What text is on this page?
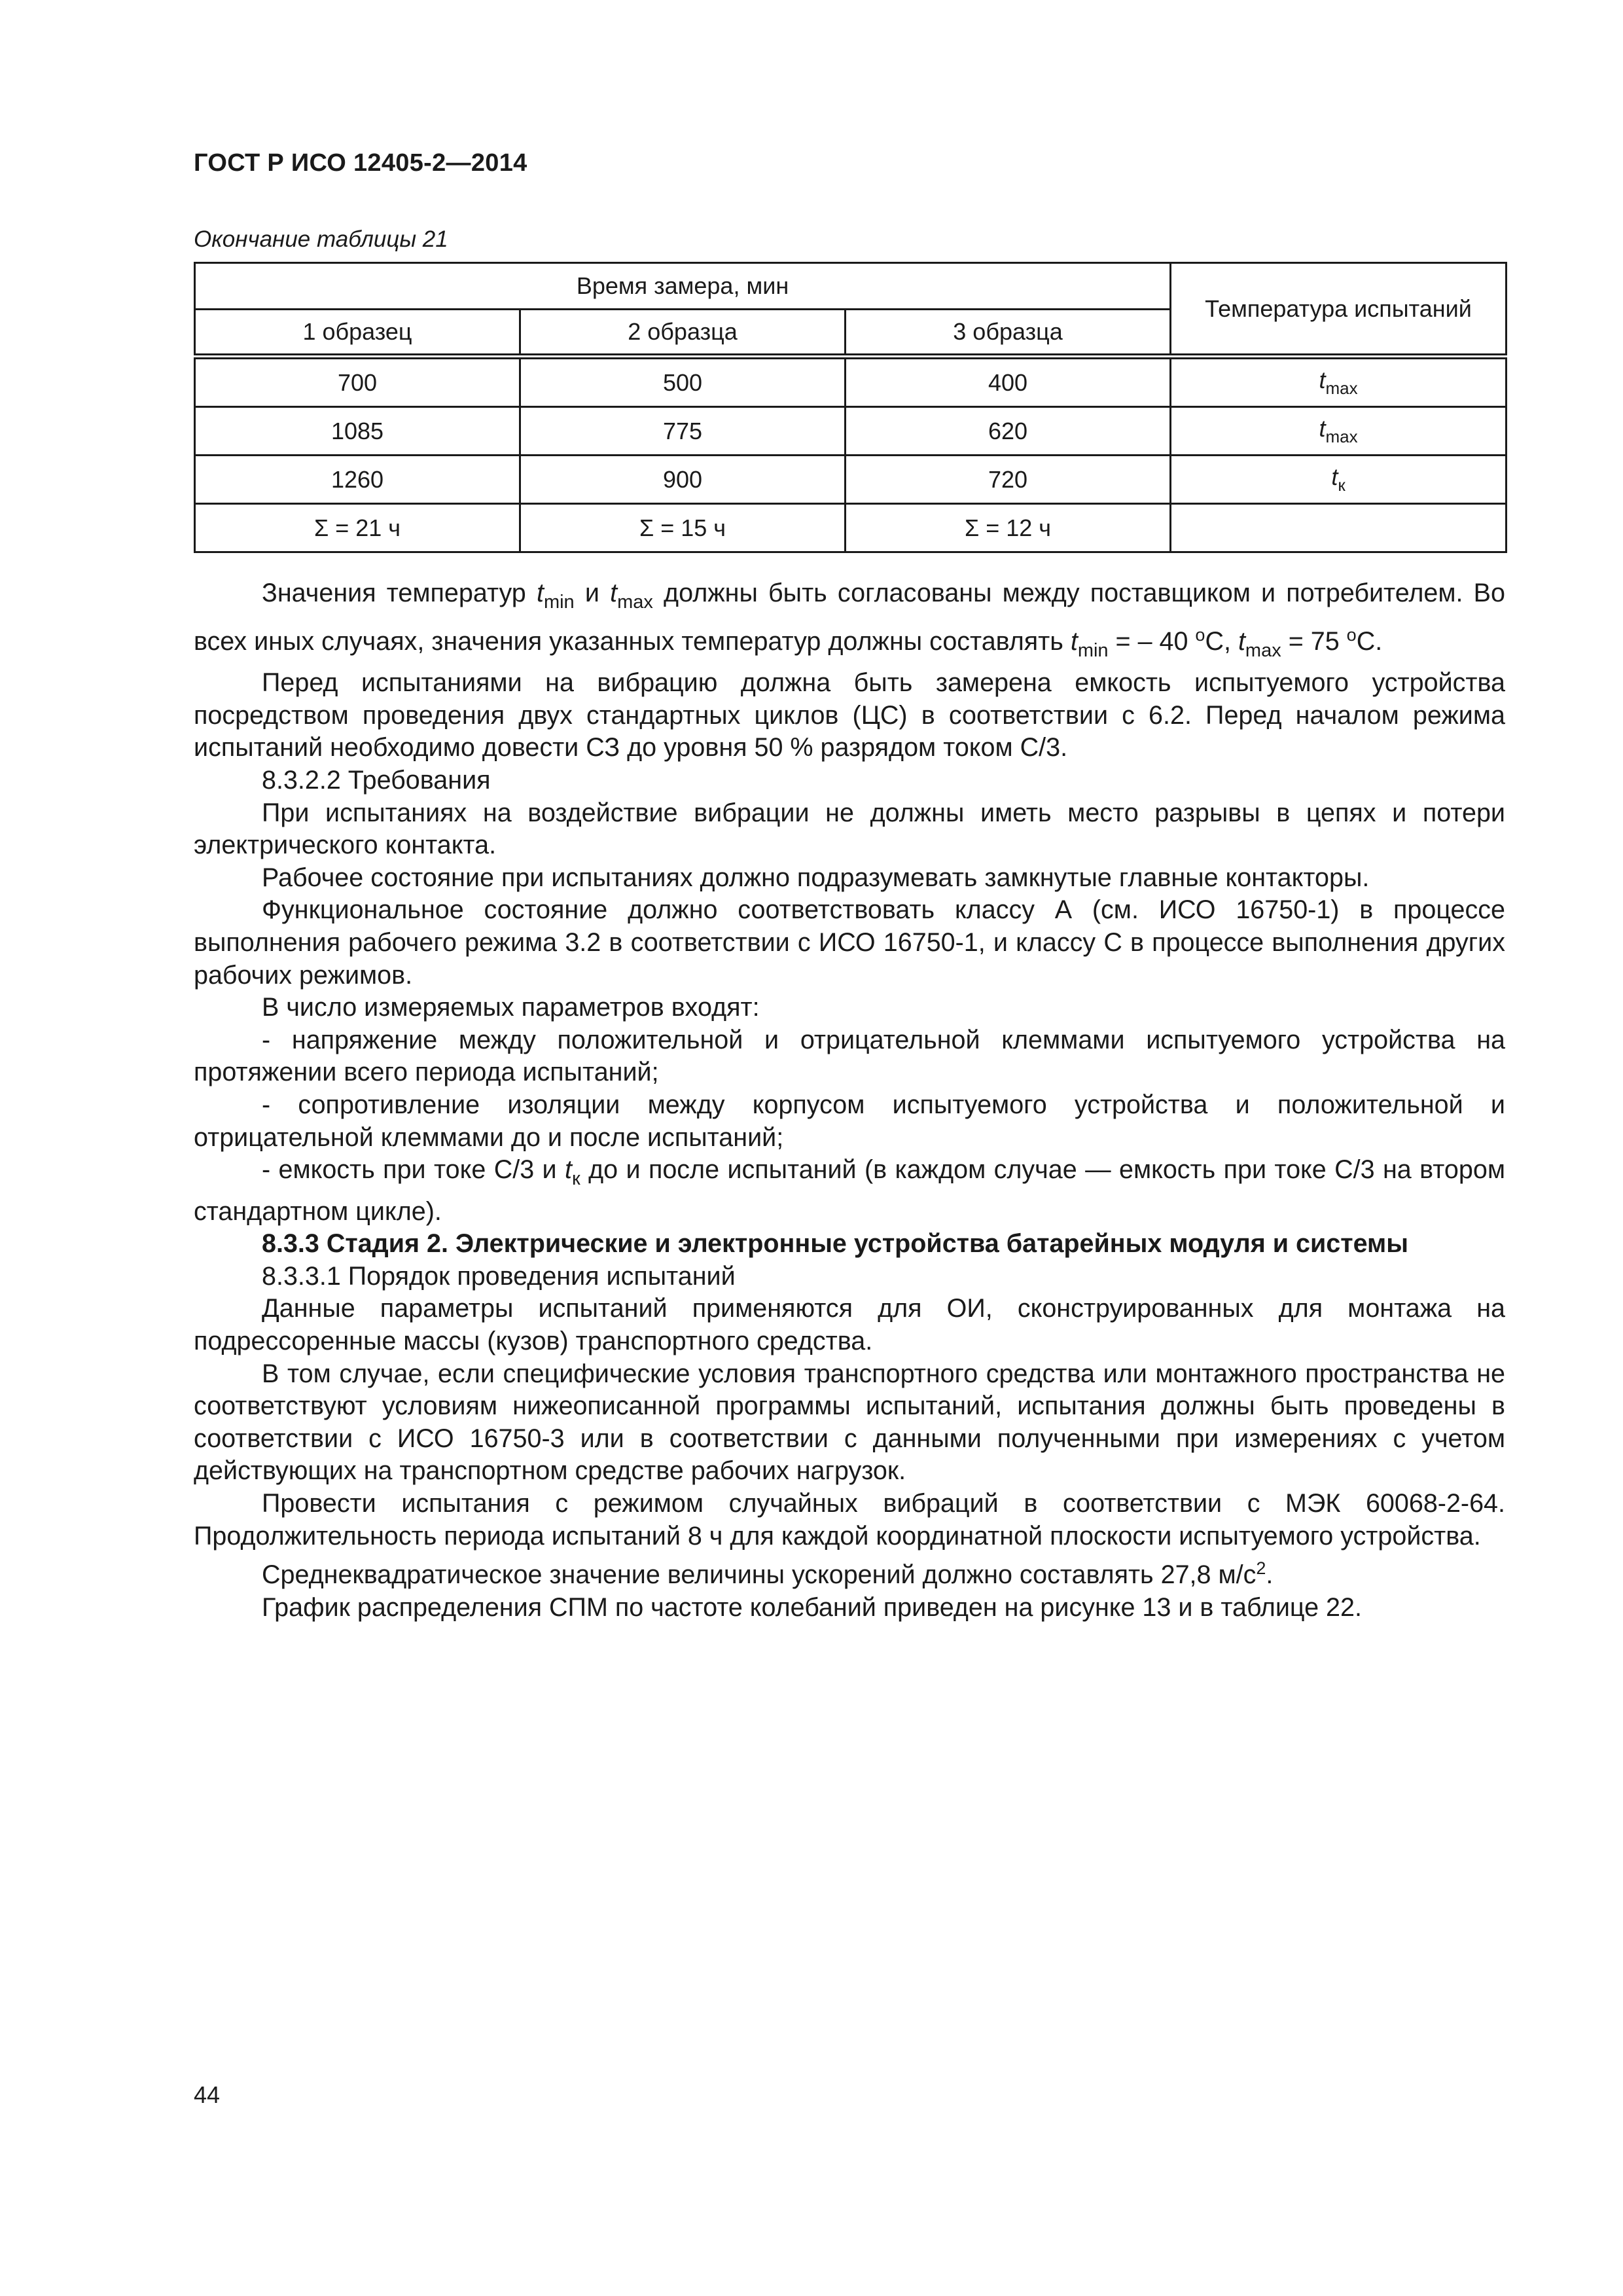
ГОСТ Р ИСО 12405-2—2014
Окончание таблицы 21
Время замера, мин			Температура испытаний
1 образец	2 образца	3 образца	
700	500	400	$t_{max}$
1085	775	620	$t_{max}$
1260	900	720	$t_к$
Σ = 21 ч	Σ = 15 ч	Σ = 12 ч	

Значения температур $t_{min}$ и $t_{max}$ должны быть согласованы между поставщиком и потребителем. Во всех иных случаях, значения указанных температур должны составлять $t_{min}$ = – 40 $^o$C, $t_{max} = 75$ $^o$C.

Перед испытаниями на вибрацию должна быть замерена емкость испытуемого устройства посредством проведения двух стандартных циклов (ЦС) в соответствии с 6.2. Перед началом режима испытаний необходимо довести СЗ до уровня 50 % разрядом током С/3.

8.3.2.2 Требования

При испытаниях на воздействие вибрации не должны иметь место разрывы в цепях и потери электрического контакта.

Рабочее состояние при испытаниях должно подразумевать замкнутые главные контакторы.

Функциональное состояние должно соответствовать классу А (см. ИСО 16750-1) в процессе выполнения рабочего режима 3.2 в соответствии с ИСО 16750-1, и классу С в процессе выполнения других рабочих режимов.

В число измеряемых параметров входят:

- напряжение между положительной и отрицательной клеммами испытуемого устройства на протяжении всего периода испытаний;

- сопротивление изоляции между корпусом испытуемого устройства и положительной и отрицательной клеммами до и после испытаний;

- емкость при токе С/3 и $t_к$ до и после испытаний (в каждом случае — емкость при токе С/3 на втором стандартном цикле).

8.3.3 Стадия 2. Электрические и электронные устройства батарейных модуля и системы

8.3.3.1 Порядок проведения испытаний

Данные параметры испытаний применяются для ОИ, сконструированных для монтажа на подрессоренные массы (кузов) транспортного средства.

В том случае, если специфические условия транспортного средства или монтажного пространства не соответствуют условиям нижеописанной программы испытаний, испытания должны быть проведены в соответствии с ИСО 16750-3 или в соответствии с данными полученными при измерениях с учетом действующих на транспортном средстве рабочих нагрузок.

Провести испытания с режимом случайных вибраций в соответствии с МЭК 60068-2-64. Продолжительность периода испытаний 8 ч для каждой координатной плоскости испытуемого устройства.

Среднеквадратическое значение величины ускорений должно составлять 27,8 $м/с^2$.

График распределения СПМ по частоте колебаний приведен на рисунке 13 и в таблице 22.

44
